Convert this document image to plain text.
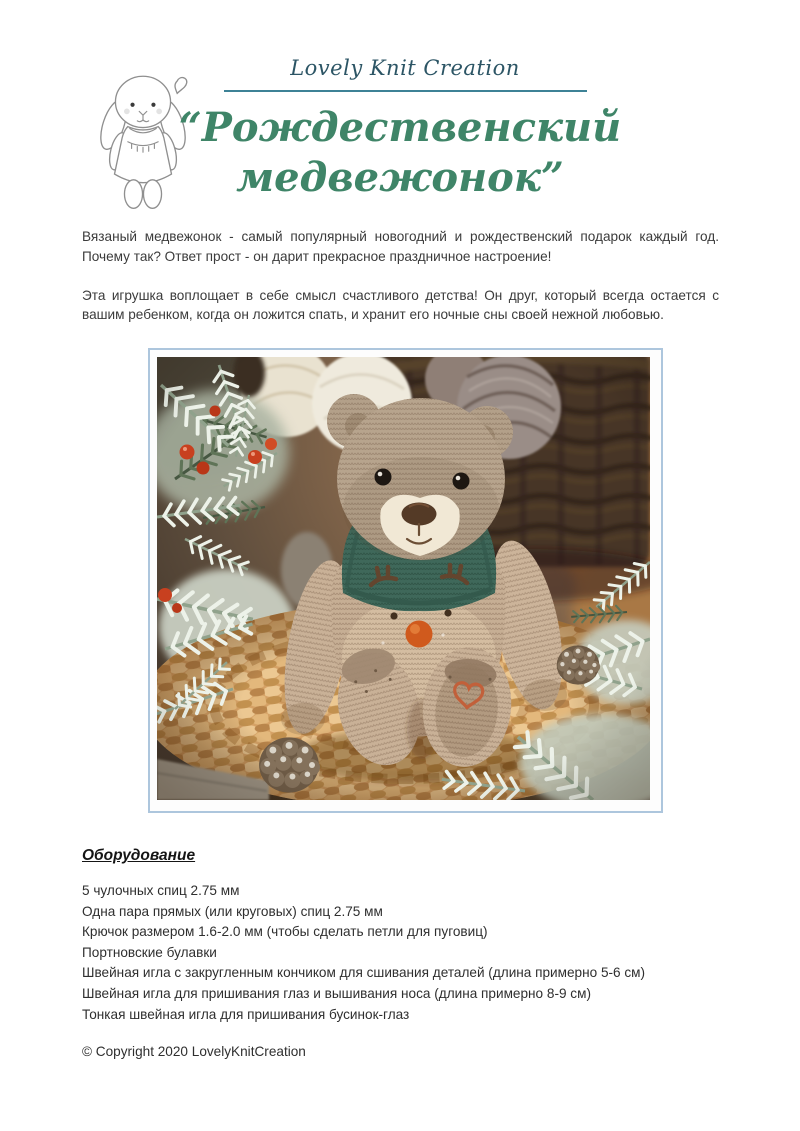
Lovely Knit Creation
“Рождественский
медвежонок”

Вязаный медвежонок - самый популярный новогодний и рождественский подарок каждый год. Почему так? Ответ прост - он дарит прекрасное праздничное настроение!

Эта игрушка воплощает в себе смысл счастливого детства! Он друг, который всегда остается с вашим ребенком, когда он ложится спать, и хранит его ночные сны своей нежной любовью.

Оборудование
5 чулочных спиц 2.75 мм
Одна пара прямых (или круговых) спиц 2.75 мм
Крючок размером 1.6-2.0 мм (чтобы сделать петли для пуговиц)
Портновские булавки
Швейная игла с закругленным кончиком для сшивания деталей (длина примерно 5-6 см)
Швейная игла для пришивания глаз и вышивания носа (длина примерно 8-9 см)
Тонкая швейная игла для пришивания бусинок-глаз
© Copyright 2020 LovelyKnitCreation
